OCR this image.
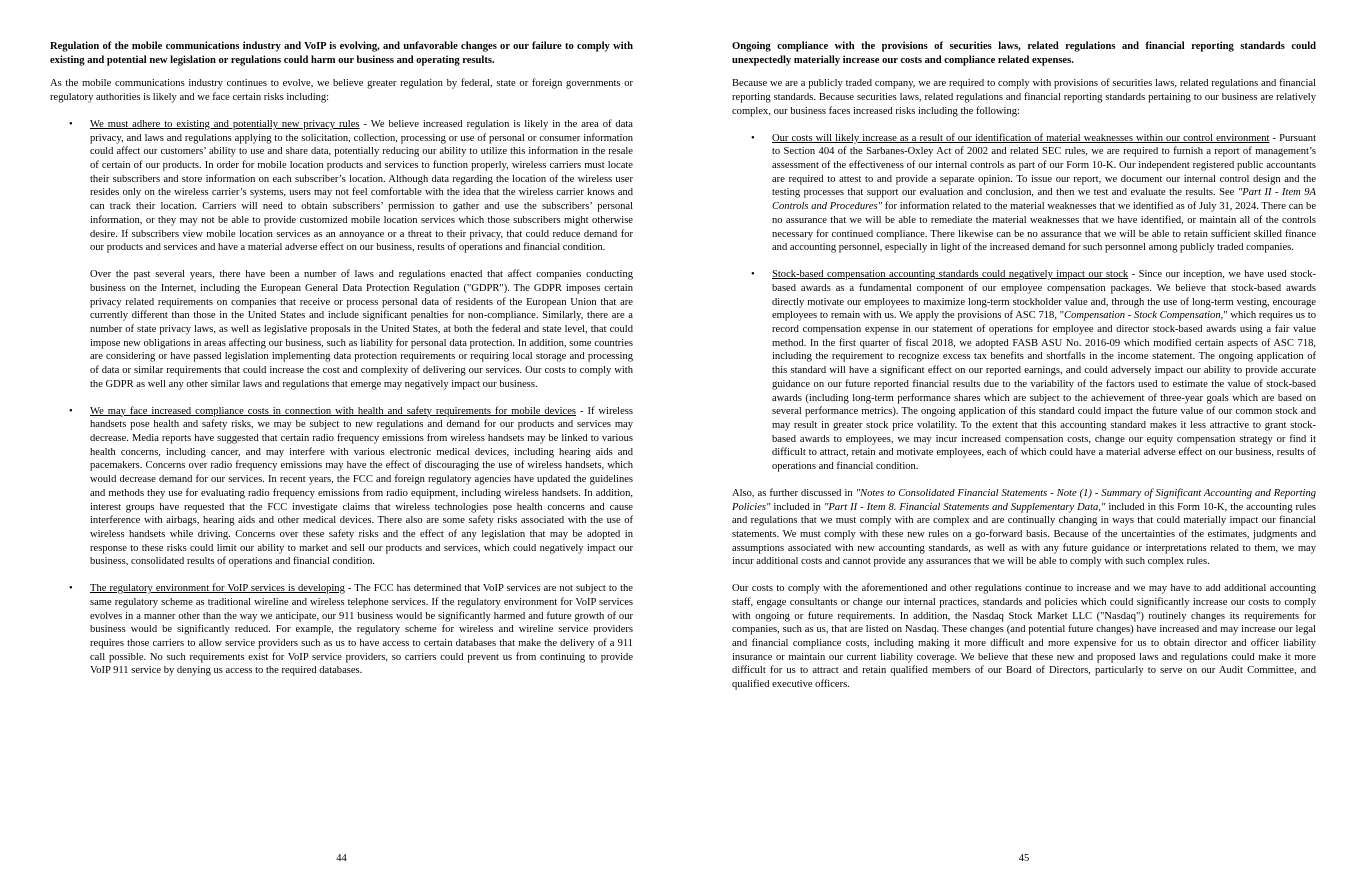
Regulation of the mobile communications industry and VoIP is evolving, and unfavorable changes or our failure to comply with existing and potential new legislation or regulations could harm our business and operating results.

As the mobile communications industry continues to evolve, we believe greater regulation by federal, state or foreign governments or regulatory authorities is likely and we face certain risks including:

• We must adhere to existing and potentially new privacy rules - We believe increased regulation is likely in the area of data privacy, and laws and regulations applying to the solicitation, collection, processing or use of personal or consumer information could affect our customers’ ability to use and share data, potentially reducing our ability to utilize this information in the resale of certain of our products. In order for mobile location products and services to function properly, wireless carriers must locate their subscribers and store information on each subscriber’s location. Although data regarding the location of the wireless user resides only on the wireless carrier’s systems, users may not feel comfortable with the idea that the wireless carrier knows and can track their location. Carriers will need to obtain subscribers’ permission to gather and use the subscribers’ personal information, or they may not be able to provide customized mobile location services which those subscribers might otherwise desire. If subscribers view mobile location services as an annoyance or a threat to their privacy, that could reduce demand for our products and services and have a material adverse effect on our business, results of operations and financial condition.

Over the past several years, there have been a number of laws and regulations enacted that affect companies conducting business on the Internet, including the European General Data Protection Regulation ("GDPR"). The GDPR imposes certain privacy related requirements on companies that receive or process personal data of residents of the European Union that are currently different than those in the United States and include significant penalties for non-compliance. Similarly, there are a number of state privacy laws, as well as legislative proposals in the United States, at both the federal and state level, that could impose new obligations in areas affecting our business, such as liability for personal data protection. In addition, some countries are considering or have passed legislation implementing data protection requirements or requiring local storage and processing of data or similar requirements that could increase the cost and complexity of delivering our services. Our costs to comply with the GDPR as well any other similar laws and regulations that emerge may negatively impact our business.

• We may face increased compliance costs in connection with health and safety requirements for mobile devices - If wireless handsets pose health and safety risks, we may be subject to new regulations and demand for our products and services may decrease. Media reports have suggested that certain radio frequency emissions from wireless handsets may be linked to various health concerns, including cancer, and may interfere with various electronic medical devices, including hearing aids and pacemakers. Concerns over radio frequency emissions may have the effect of discouraging the use of wireless handsets, which would decrease demand for our services. In recent years, the FCC and foreign regulatory agencies have updated the guidelines and methods they use for evaluating radio frequency emissions from radio equipment, including wireless handsets. In addition, interest groups have requested that the FCC investigate claims that wireless technologies pose health concerns and cause interference with airbags, hearing aids and other medical devices. There also are some safety risks associated with the use of wireless handsets while driving. Concerns over these safety risks and the effect of any legislation that may be adopted in response to these risks could limit our ability to market and sell our products and services, which could negatively impact our business, consolidated results of operations and financial condition.
• The regulatory environment for VoIP services is developing - The FCC has determined that VoIP services are not subject to the same regulatory scheme as traditional wireline and wireless telephone services. If the regulatory environment for VoIP services evolves in a manner other than the way we anticipate, our 911 business would be significantly harmed and future growth of our business would be significantly reduced. For example, the regulatory scheme for wireless and wireline service providers requires those carriers to allow service providers such as us to have access to certain databases that make the delivery of a 911 call possible. No such requirements exist for VoIP service providers, so carriers could prevent us from continuing to provide VoIP 911 service by denying us access to the required databases.
44

Ongoing compliance with the provisions of securities laws, related regulations and financial reporting standards could unexpectedly materially increase our costs and compliance related expenses.

Because we are a publicly traded company, we are required to comply with provisions of securities laws, related regulations and financial reporting standards. Because securities laws, related regulations and financial reporting standards pertaining to our business are relatively complex, our business faces increased risks including the following:

• Our costs will likely increase as a result of our identification of material weaknesses within our control environment - Pursuant to Section 404 of the Sarbanes-Oxley Act of 2002 and related SEC rules, we are required to furnish a report of management’s assessment of the effectiveness of our internal controls as part of our Form 10-K. Our independent registered public accountants are required to attest to and provide a separate opinion. To issue our report, we document our internal control design and the testing processes that support our evaluation and conclusion, and then we test and evaluate the results. See "Part II - Item 9A Controls and Procedures" for information related to the material weaknesses that we identified as of July 31, 2024. There can be no assurance that we will be able to remediate the material weaknesses that we have identified, or maintain all of the controls necessary for continued compliance. There likewise can be no assurance that we will be able to retain sufficient skilled finance and accounting personnel, especially in light of the increased demand for such personnel among publicly traded companies.
• Stock-based compensation accounting standards could negatively impact our stock - Since our inception, we have used stock-based awards as a fundamental component of our employee compensation packages. We believe that stock-based awards directly motivate our employees to maximize long-term stockholder value and, through the use of long-term vesting, encourage employees to remain with us. We apply the provisions of ASC 718, "Compensation - Stock Compensation," which requires us to record compensation expense in our statement of operations for employee and director stock-based awards using a fair value method. In the first quarter of fiscal 2018, we adopted FASB ASU No. 2016-09 which modified certain aspects of ASC 718, including the requirement to recognize excess tax benefits and shortfalls in the income statement. The ongoing application of this standard will have a significant effect on our reported earnings, and could adversely impact our ability to provide accurate guidance on our future reported financial results due to the variability of the factors used to estimate the value of stock-based awards (including long-term performance shares which are subject to the achievement of three-year goals which are based on several performance metrics). The ongoing application of this standard could impact the future value of our common stock and may result in greater stock price volatility. To the extent that this accounting standard makes it less attractive to grant stock-based awards to employees, we may incur increased compensation costs, change our equity compensation strategy or find it difficult to attract, retain and motivate employees, each of which could have a material adverse effect on our business, results of operations and financial condition.

Also, as further discussed in "Notes to Consolidated Financial Statements - Note (1) - Summary of Significant Accounting and Reporting Policies" included in "Part II - Item 8. Financial Statements and Supplementary Data," included in this Form 10-K, the accounting rules and regulations that we must comply with are complex and are continually changing in ways that could materially impact our financial statements. We must comply with these new rules on a go-forward basis. Because of the uncertainties of the estimates, judgments and assumptions associated with new accounting standards, as well as with any future guidance or interpretations related to them, we may incur additional costs and cannot provide any assurances that we will be able to comply with such complex rules.

Our costs to comply with the aforementioned and other regulations continue to increase and we may have to add additional accounting staff, engage consultants or change our internal practices, standards and policies which could significantly increase our costs to comply with ongoing or future requirements. In addition, the Nasdaq Stock Market LLC ("Nasdaq") routinely changes its requirements for companies, such as us, that are listed on Nasdaq. These changes (and potential future changes) have increased and may increase our legal and financial compliance costs, including making it more difficult and more expensive for us to obtain director and officer liability insurance or maintain our current liability coverage. We believe that these new and proposed laws and regulations could make it more difficult for us to attract and retain qualified members of our Board of Directors, particularly to serve on our Audit Committee, and qualified executive officers.

45
